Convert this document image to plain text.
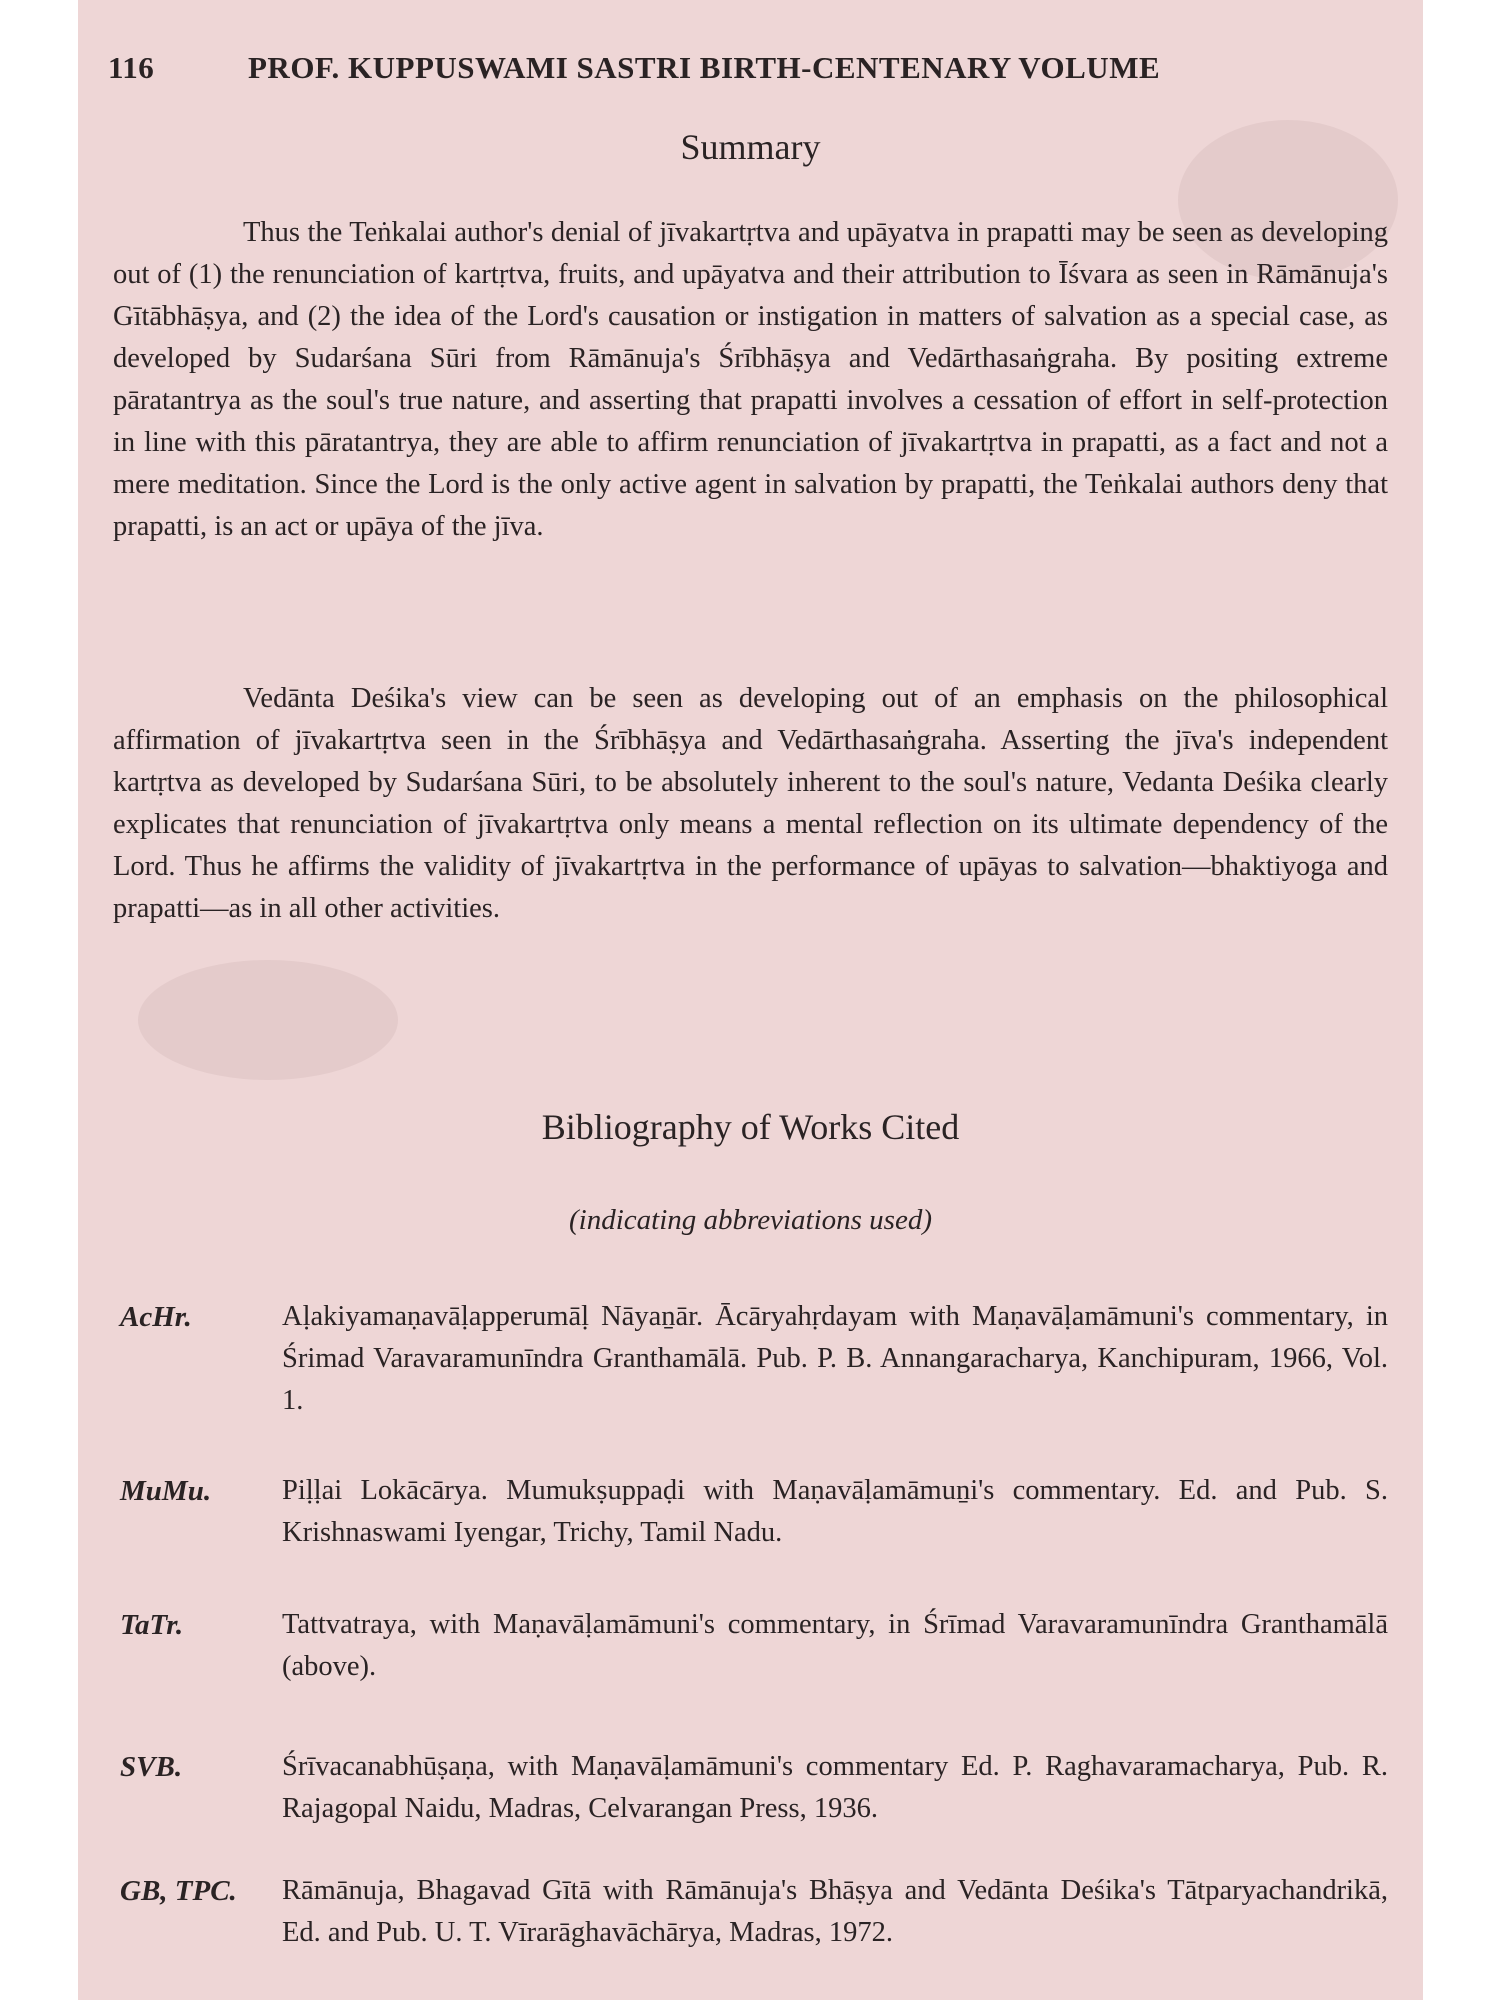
116	PROF. KUPPUSWAMI SASTRI BIRTH-CENTENARY VOLUME
Summary

Thus the Teṅkalai author's denial of jīvakartṛtva and upāyatva in prapatti may be seen as developing out of (1) the renunciation of kartṛtva, fruits, and upāyatva and their attribution to Īśvara as seen in Rāmānuja's Gītābhāṣya, and (2) the idea of the Lord's causation or instigation in matters of salvation as a special case, as developed by Sudarśana Sūri from Rāmānuja's Śrībhāṣya and Vedārthasaṅgraha. By positing extreme pāratantrya as the soul's true nature, and asserting that prapatti involves a cessation of effort in self-protection in line with this pāratantrya, they are able to affirm renunciation of jīvakartṛtva in prapatti, as a fact and not a mere meditation. Since the Lord is the only active agent in salvation by prapatti, the Teṅkalai authors deny that prapatti, is an act or upāya of the jīva.

Vedānta Deśika's view can be seen as developing out of an emphasis on the philosophical affirmation of jīvakartṛtva seen in the Śrībhāṣya and Vedārthasaṅgraha. Asserting the jīva's independent kartṛtva as developed by Sudarśana Sūri, to be absolutely inherent to the soul's nature, Vedanta Deśika clearly explicates that renunciation of jīvakartṛtva only means a mental reflection on its ultimate dependency of the Lord. Thus he affirms the validity of jīvakartṛtva in the performance of upāyas to salvation—bhaktiyoga and prapatti—as in all other activities.

Bibliography of Works Cited
(indicating abbreviations used)
AcHr.	Aḷakiyamaṇavāḷapperumāḷ Nāyaṉār. Ācāryahṛdayam with Maṇavāḷamāmuni's commentary, in Śrimad Varavaramunīndra Granthamālā. Pub. P. B. Annangaracharya, Kanchipuram, 1966, Vol. 1.
MuMu.	Piḷḷai Lokācārya. Mumukṣuppaḍi with Maṇavāḷamāmuṉi's commentary. Ed. and Pub. S. Krishnaswami Iyengar, Trichy, Tamil Nadu.
TaTr.	Tattvatraya, with Maṇavāḷamāmuni's commentary, in Śrīmad Varavaramunīndra Granthamālā (above).
SVB.	Śrīvacanabhūṣaṇa, with Maṇavāḷamāmuni's commentary Ed. P. Raghavaramacharya, Pub. R. Rajagopal Naidu, Madras, Celvarangan Press, 1936.
GB, TPC.	Rāmānuja, Bhagavad Gītā with Rāmānuja's Bhāṣya and Vedānta Deśika's Tātparyachandrikā, Ed. and Pub. U. T. Vīrarāghavāchārya, Madras, 1972.
